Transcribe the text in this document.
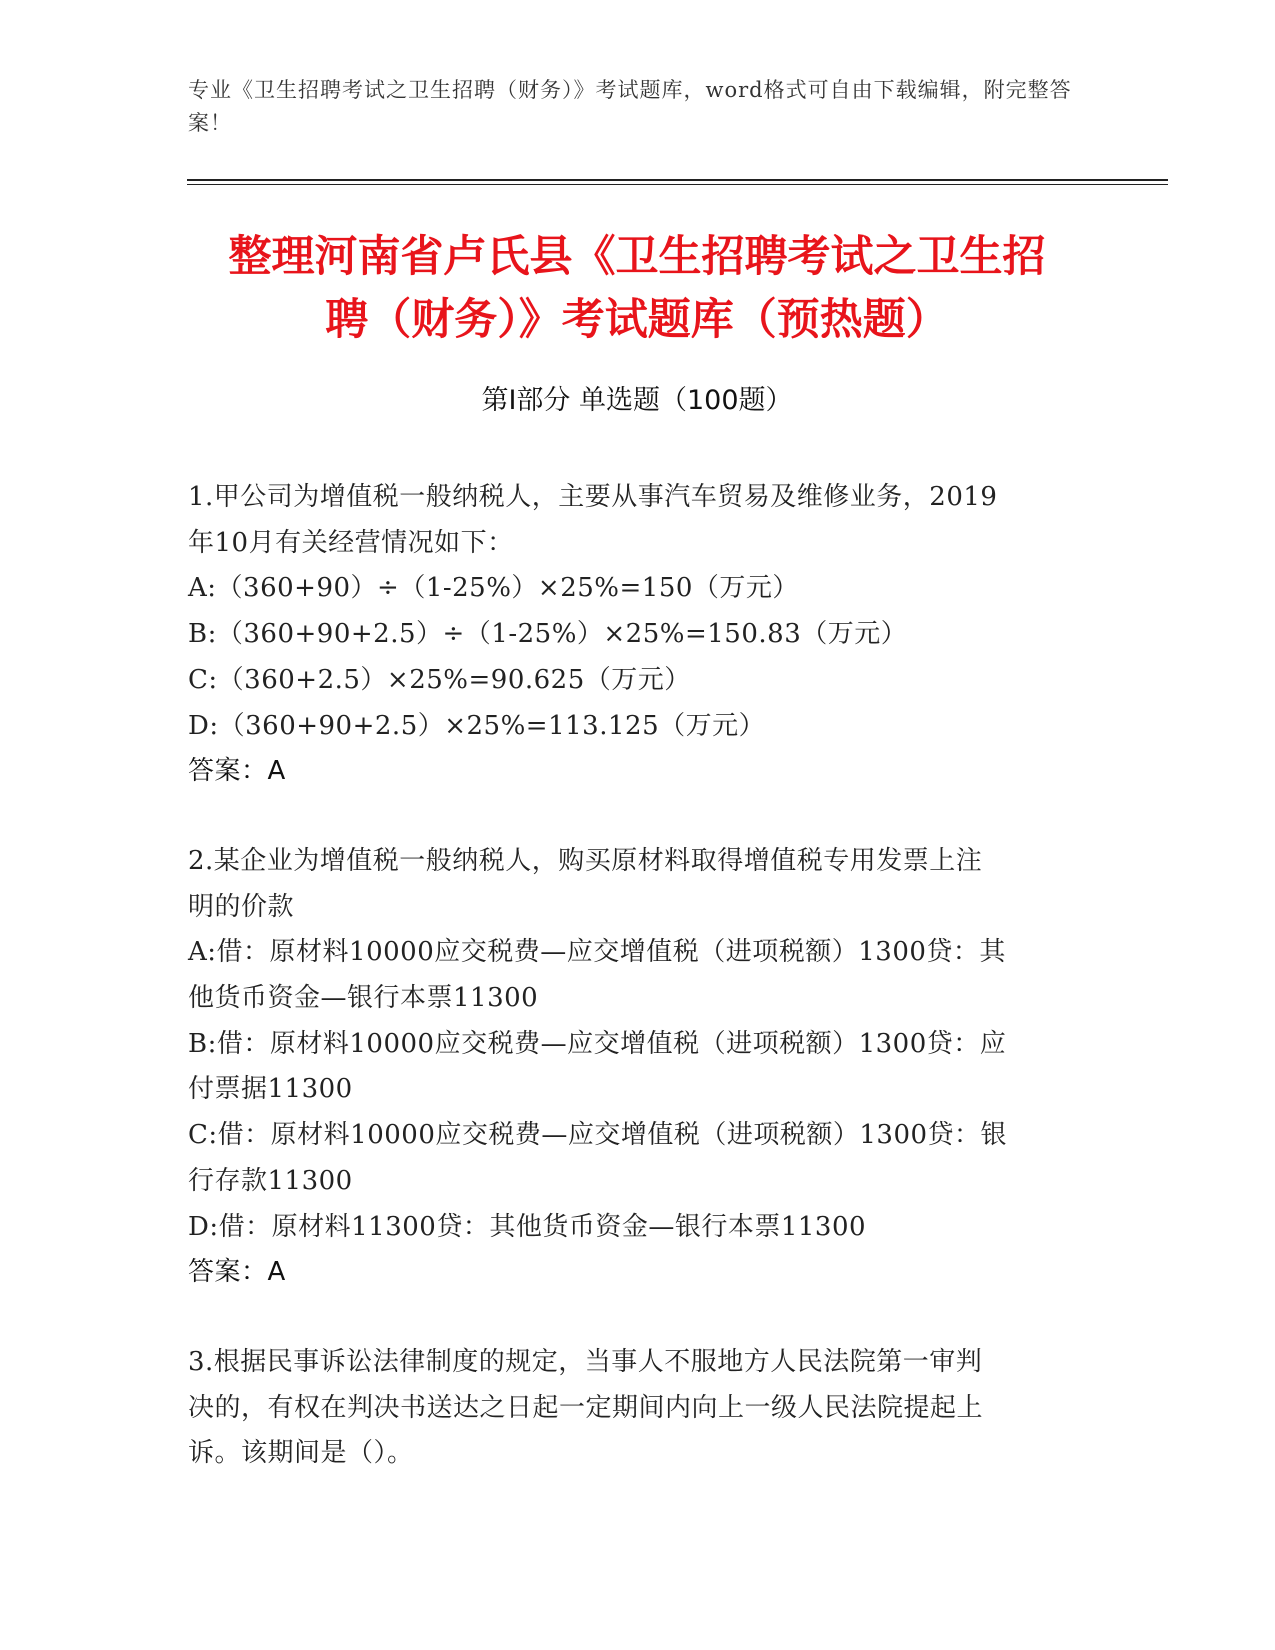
专业《卫生招聘考试之卫生招聘（财务）》考试题库，word格式可自由下载编辑，附完整答案！
整理河南省卢氏县《卫生招聘考试之卫生招
聘（财务）》考试题库（预热题）
第Ⅰ部分 单选题（100题）
1.甲公司为增值税一般纳税人，主要从事汽车贸易及维修业务，2019
年10月有关经营情况如下：
A:（360+90）÷（1-25%）×25%=150（万元）
B:（360+90+2.5）÷（1-25%）×25%=150.83（万元）
C:（360+2.5）×25%=90.625（万元）
D:（360+90+2.5）×25%=113.125（万元）
答案：A
2.某企业为增值税一般纳税人，购买原材料取得增值税专用发票上注
明的价款
A:借：原材料10000应交税费—应交增值税（进项税额）1300贷：其
他货币资金—银行本票11300
B:借：原材料10000应交税费—应交增值税（进项税额）1300贷：应
付票据11300
C:借：原材料10000应交税费—应交增值税（进项税额）1300贷：银
行存款11300
D:借：原材料11300贷：其他货币资金—银行本票11300
答案：A
3.根据民事诉讼法律制度的规定，当事人不服地方人民法院第一审判
决的，有权在判决书送达之日起一定期间内向上一级人民法院提起上
诉。该期间是（）。
